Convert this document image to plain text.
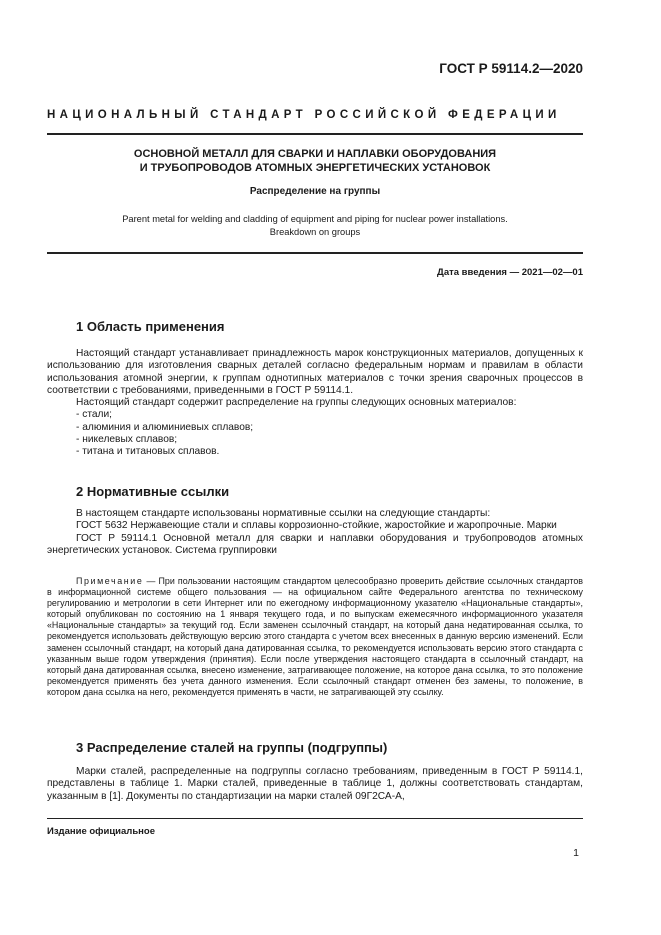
ГОСТ Р 59114.2—2020
НАЦИОНАЛЬНЫЙ СТАНДАРТ РОССИЙСКОЙ ФЕДЕРАЦИИ
ОСНОВНОЙ МЕТАЛЛ ДЛЯ СВАРКИ И НАПЛАВКИ ОБОРУДОВАНИЯ
И ТРУБОПРОВОДОВ АТОМНЫХ ЭНЕРГЕТИЧЕСКИХ УСТАНОВОК
Распределение на группы
Parent metal for welding and cladding of equipment and piping for nuclear power installations.
Breakdown on groups
Дата введения — 2021—02—01
1 Область применения

Настоящий стандарт устанавливает принадлежность марок конструкционных материалов, допущенных к использованию для изготовления сварных деталей согласно федеральным нормам и правилам в области использования атомной энергии, к группам однотипных материалов с точки зрения сварочных процессов в соответствии с требованиями, приведенными в ГОСТ Р 59114.1.

Настоящий стандарт содержит распределение на группы следующих основных материалов:

- стали;

- алюминия и алюминиевых сплавов;

- никелевых сплавов;

- титана и титановых сплавов.

2 Нормативные ссылки

В настоящем стандарте использованы нормативные ссылки на следующие стандарты:

ГОСТ 5632 Нержавеющие стали и сплавы коррозионно-стойкие, жаростойкие и жаропрочные. Марки

ГОСТ Р 59114.1 Основной металл для сварки и наплавки оборудования и трубопроводов атомных энергетических установок. Система группировки

Примечание — При пользовании настоящим стандартом целесообразно проверить действие ссылочных стандартов в информационной системе общего пользования — на официальном сайте Федерального агентства по техническому регулированию и метрологии в сети Интернет или по ежегодному информационному указателю «Национальные стандарты», который опубликован по состоянию на 1 января текущего года, и по выпускам ежемесячного информационного указателя «Национальные стандарты» за текущий год. Если заменен ссылочный стандарт, на который дана недатированная ссылка, то рекомендуется использовать действующую версию этого стандарта с учетом всех внесенных в данную версию изменений. Если заменен ссылочный стандарт, на который дана датированная ссылка, то рекомендуется использовать версию этого стандарта с указанным выше годом утверждения (принятия). Если после утверждения настоящего стандарта в ссылочный стандарт, на который дана датированная ссылка, внесено изменение, затрагивающее положение, на которое дана ссылка, то это положение рекомендуется применять без учета данного изменения. Если ссылочный стандарт отменен без замены, то положение, в котором дана ссылка на него, рекомендуется применять в части, не затрагивающей эту ссылку.

3 Распределение сталей на группы (подгруппы)

Марки сталей, распределенные на подгруппы согласно требованиям, приведенным в ГОСТ Р 59114.1, представлены в таблице 1. Марки сталей, приведенные в таблице 1, должны соответствовать стандартам, указанным в [1]. Документы по стандартизации на марки сталей 09Г2СА-А,

Издание официальное
1
